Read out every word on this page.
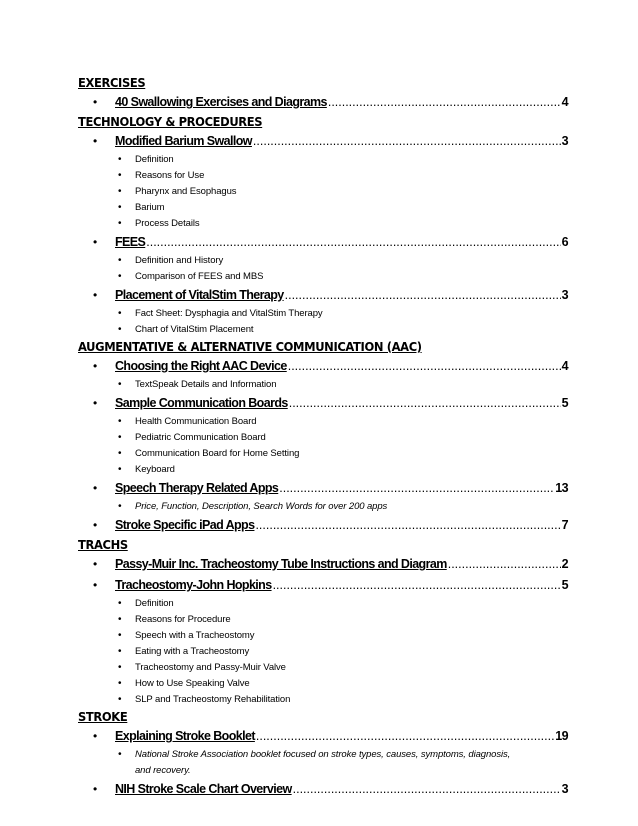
EXERCISES
• 40 Swallowing Exercises and Diagrams .....	4
TECHNOLOGY & PROCEDURES
• Modified Barium Swallow .....	3
• Definition
• Reasons for Use
• Pharynx and Esophagus
• Barium
• Process Details
• FEES .....	6
• Definition and History
• Comparison of FEES and MBS
• Placement of VitalStim Therapy .....	3
• Fact Sheet: Dysphagia and VitalStim Therapy
• Chart of VitalStim Placement
AUGMENTATIVE & ALTERNATIVE COMMUNICATION (AAC)
• Choosing the Right AAC Device .....	4
• TextSpeak Details and Information
• Sample Communication Boards .....	5
• Health Communication Board
• Pediatric Communication Board
• Communication Board for Home Setting
• Keyboard
• Speech Therapy Related Apps .....	13
• Price, Function, Description, Search Words for over 200 apps
• Stroke Specific iPad Apps .....	7
TRACHS
• Passy-Muir Inc. Tracheostomy Tube Instructions and Diagram .....	2
• Tracheostomy-John Hopkins .....	5
• Definition
• Reasons for Procedure
• Speech with a Tracheostomy
• Eating with a Tracheostomy
• Tracheostomy and Passy-Muir Valve
• How to Use Speaking Valve
• SLP and Tracheostomy Rehabilitation
STROKE
• Explaining Stroke Booklet .....	19
• National Stroke Association booklet focused on stroke types, causes, symptoms, diagnosis, and recovery.
• NIH Stroke Scale Chart Overview .....	3
